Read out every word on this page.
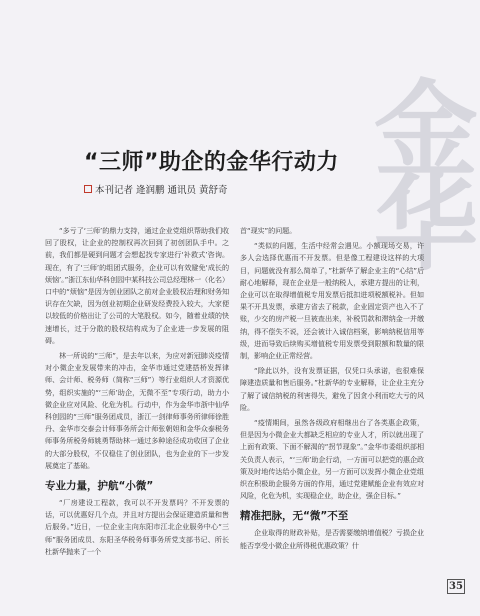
金
华
“三师”助企的金华行动力
本刊记者 逄润鹏 通讯员 黄舒奇

“多亏了‘三师’的鼎力支持，通过企业党组织帮助我们收回了股权，让企业的控制权再次回到了初创团队手中。之前，我们都是硬到问题才会想起找专家进行‘补救式’咨询。现在，有了‘三师’的组团式服务，企业可以有效避免‘成长的烦恼’。”浙江东仙华科创园中某科技公司总经理林一（化名）口中的“烦恼”是因为创业团队之前对企业股权治理和财务知识存在欠缺，因为创业初期企业研发经费投入较大，大家便以较低的价格出让了公司的大笔股权。如今，随着业绩的快速增长，过于分散的股权结构成为了企业进一步发展的阻碍。

林一所说的“三师”，是去年以来，为应对新冠肺炎疫情对小微企业发展带来的冲击，金华市通过党建搭桥发挥律师、会计师、税务师（简称“三师”）等行业组织人才资源优势，组织实施的“‘三师’助企，无微不至”专项行动，助力小微企业应对风险、化危为机。行动中，作为金华市浙中仙华科创园的“三师”服务团成员，浙江一剑律师事务所律师徐胜丹、金华市交泰会计师事务所会计师张朝妲和金华众泰税务师事务所税务师姚勇帮助林一通过多种途径成功收回了企业的大部分股权，不仅稳住了创业团队，也为企业的下一步发展奠定了基础。

专业力量，护航“小微”

“厂房建设工程款，我可以不开发票吗？不开发票的话，可以优惠好几个点，并且对方提出会保证建造质量和售后服务。”近日，一位企业主向东阳市江北企业服务中心“三师”服务团成员、东阳圣华税务师事务所党支部书记、所长杜新华抛来了一个

首“现实”的问题。

“类似的问题，生活中经常会遇见。小额现场交易，许多人会选择优惠而不开发票。但是像工程建设这样的大项目，问题就没有那么简单了，”杜新华了解企业主的“心结”后耐心地解释，现在企业是一般纳税人，承建方提出的让利，企业可以在取得增值税专用发票后抵扣进项税额税补。但如果不开具发票，承建方省去了税款，企业固定资产也入不了账，少交的房产税一旦被查出来，补税罚款和滞纳金一并缴纳，得不偿失不说，还会被计入诚信档案，影响纳税信用等级，进而导致后续购买增值税专用发票受到限额和数量的限制，影响企业正常经营。

“除此以外，没有发票证据，仅凭口头承诺，也很难保障建造质量和售后服务。”杜新华的专业解释，让企业主充分了解了诚信纳税的利害得失，避免了因贪小利而吃大亏的风险。

“疫情期间，虽然各级政府相继出台了各类惠企政策，但是因为小微企业大都缺乏相应的专业人才，所以就出现了上面有政策、下面不解渴的“拐节现象”。”金华市委组织部相关负责人表示，“‘三师’助企行动，一方面可以把党的惠企政策及时地传达给小微企业，另一方面可以发挥小微企业党组织在积极助企服务方面的作用，通过党建赋能企业有效应对风险，化危为机，实现稳企业，助企业，强企目标。”

精准把脉，无“微”不至

企业取得的财政补贴，是否需要缴纳增值税？亏损企业能否享受小微企业所得税优惠政策？什

35
